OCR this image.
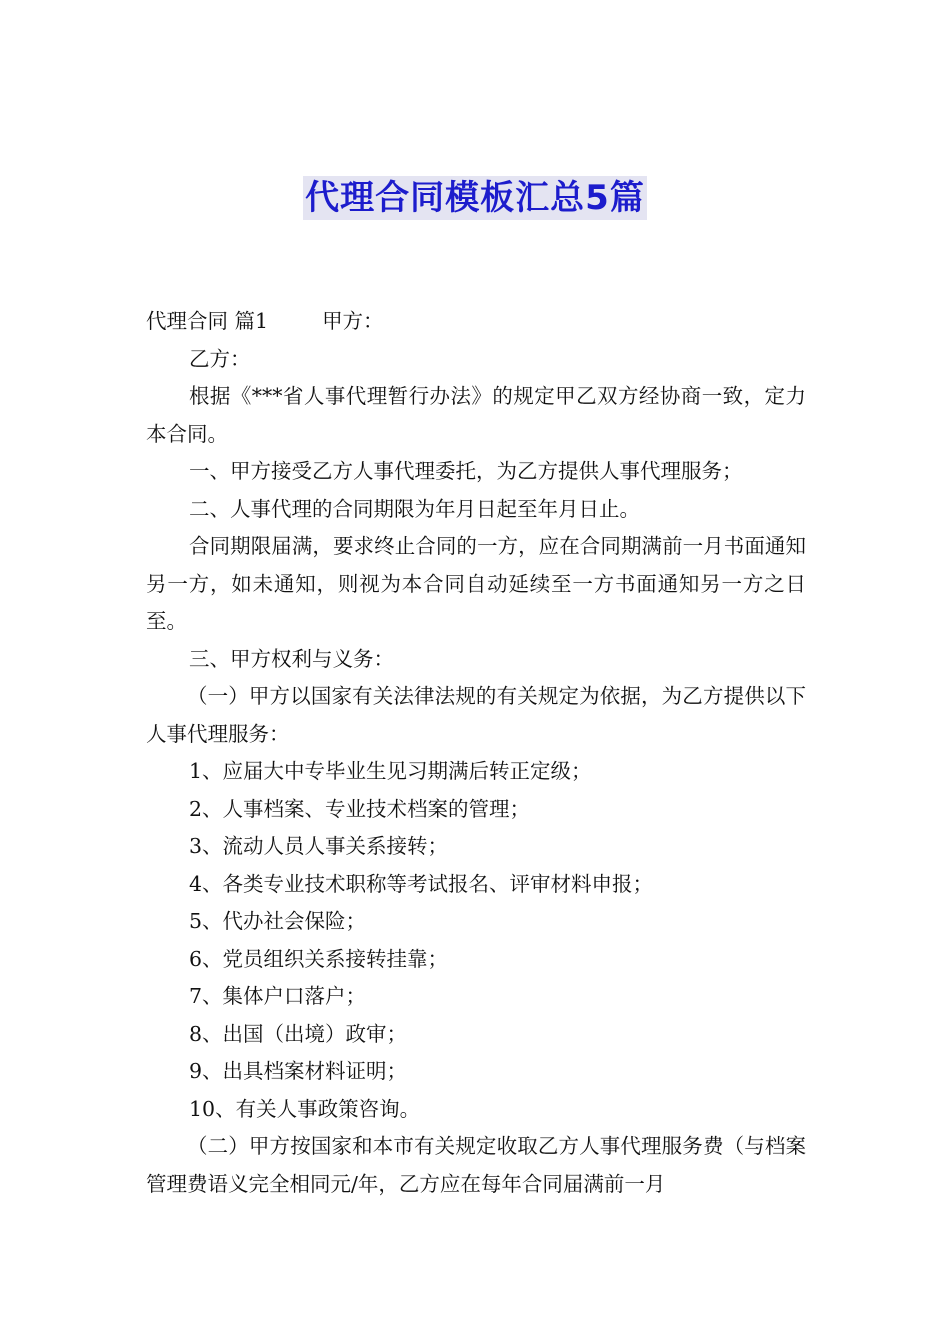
代理合同模板汇总5篇

代理合同 篇1	甲方：

乙方：

根据《***省人事代理暂行办法》的规定甲乙双方经协商一致，定力本合同。

一、甲方接受乙方人事代理委托，为乙方提供人事代理服务；

二、人事代理的合同期限为年月日起至年月日止。

合同期限届满，要求终止合同的一方，应在合同期满前一月书面通知另一方，如未通知，则视为本合同自动延续至一方书面通知另一方之日至。

三、甲方权利与义务：

（一）甲方以国家有关法律法规的有关规定为依据，为乙方提供以下人事代理服务：

1、应届大中专毕业生见习期满后转正定级；

2、人事档案、专业技术档案的管理；

3、流动人员人事关系接转；

4、各类专业技术职称等考试报名、评审材料申报；

5、代办社会保险；

6、党员组织关系接转挂靠；

7、集体户口落户；

8、出国（出境）政审；

9、出具档案材料证明；

10、有关人事政策咨询。

（二）甲方按国家和本市有关规定收取乙方人事代理服务费（与档案管理费语义完全相同元/年，乙方应在每年合同届满前一月
